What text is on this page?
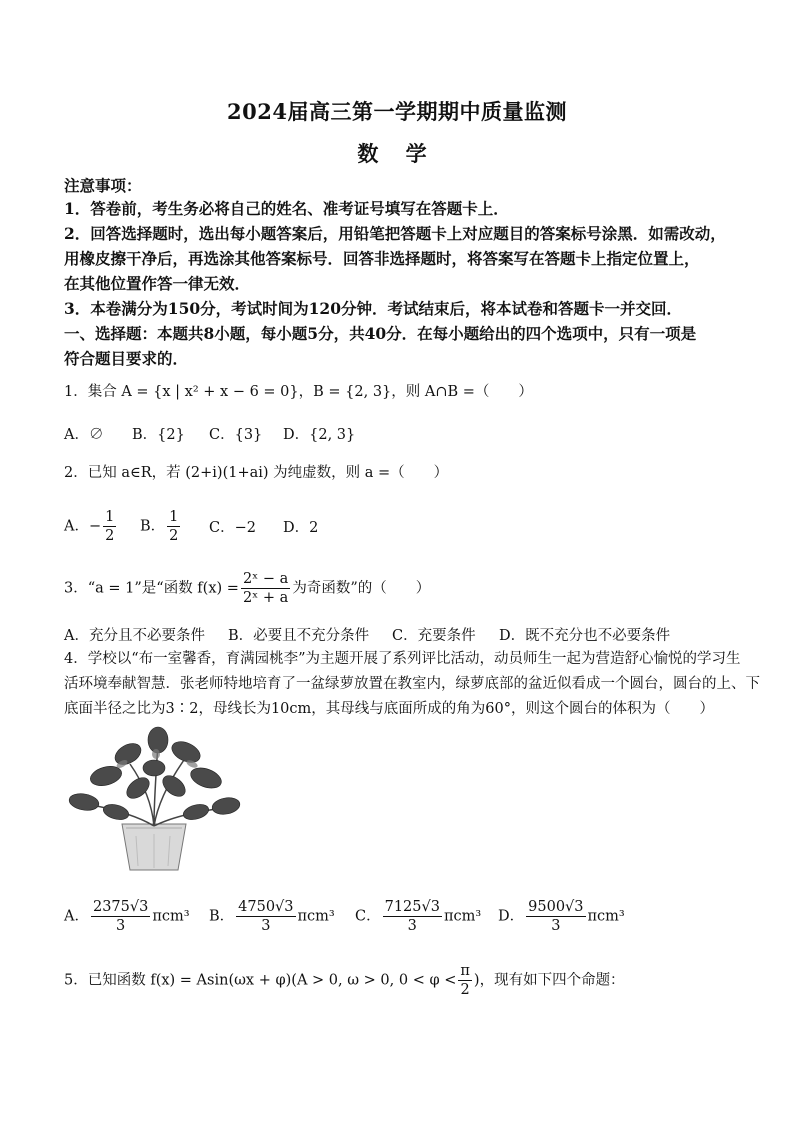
2024届高三第一学期期中质量监测
数 学
注意事项：
1．答卷前，考生务必将自己的姓名、准考证号填写在答题卡上．
2．回答选择题时，选出每小题答案后，用铅笔把答题卡上对应题目的答案标号涂黑．如需改动，
用橡皮擦干净后，再选涂其他答案标号．回答非选择题时，将答案写在答题卡上指定位置上，
在其他位置作答一律无效．
3．本卷满分为150分，考试时间为120分钟．考试结束后，将本试卷和答题卡一并交回．
一、选择题：本题共8小题，每小题5分，共40分．在每小题给出的四个选项中，只有一项是
符合题目要求的．
1．集合 A = {x | x² + x − 6 = 0}，B = {2, 3}，则 A∩B =（　　）
A．∅ B．{2} C．{3} D．{2, 3}
2．已知 a∈R，若 (2+i)(1+ai) 为纯虚数，则 a =（　　）
A．− $\frac{1}{2}$ B． $\frac{1}{2}$ C．−2 D．2
3．“a = 1”是“函数 $f(x) = \frac{\text{2ˣ − a}}{\text{2ˣ + a}}$ 为奇函数”的（　　）
A．充分且不必要条件 B．必要且不充分条件 C．充要条件 D．既不充分也不必要条件
4．学校以“布一室馨香，育满园桃李”为主题开展了系列评比活动，动员师生一起为营造舒心愉悦的学习生
活环境奉献智慧．张老师特地培育了一盆绿萝放置在教室内，绿萝底部的盆近似看成一个圆台，圆台的上、下
底面半径之比为3∶2，母线长为10cm，其母线与底面所成的角为60°，则这个圆台的体积为（　　）
A． $\frac{2375√3}{3} \pi cm^3$ B． $\frac{4750√3}{3} \pi cm^3$ C． $\frac{7125√3}{3} \pi cm^3$ D． $\frac{9500√3}{3} \pi cm^3$
5．已知函数 f(x) = Asin(ωx + φ)(A > 0, ω > 0, $0 < \varphi < \frac{\pi}{2}$ )，现有如下四个命题：
